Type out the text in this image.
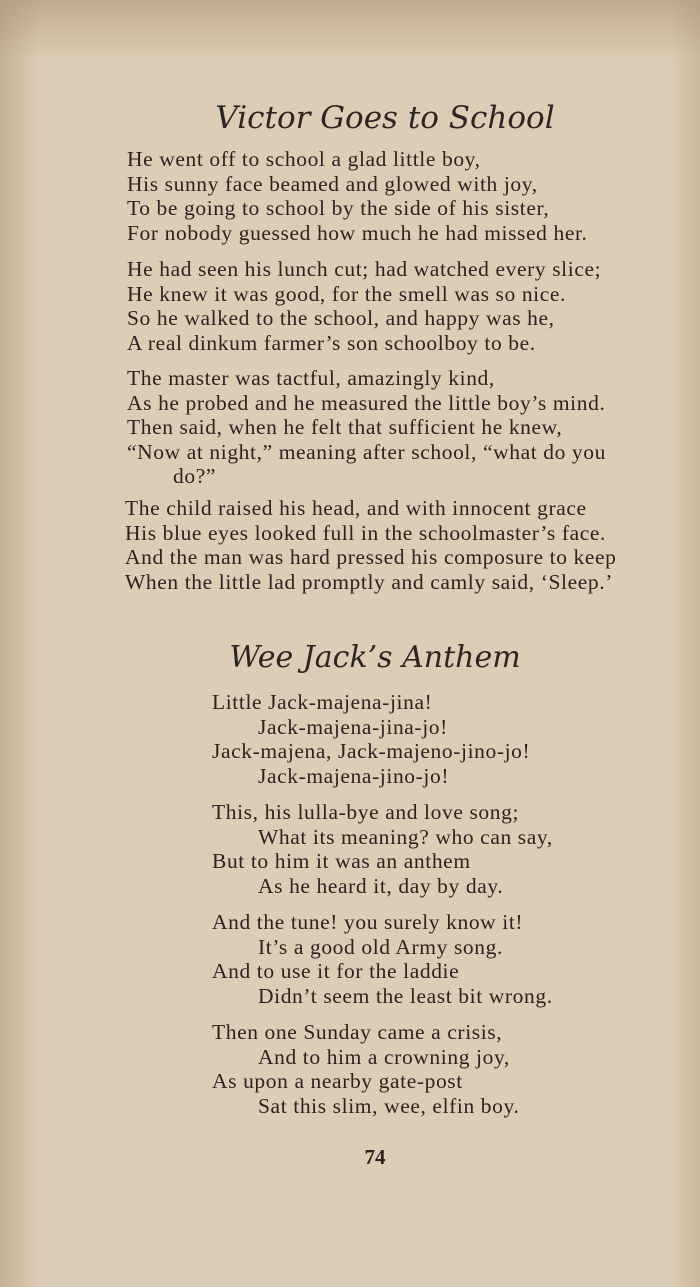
Victor Goes to School
He went off to school a glad little boy,
His sunny face beamed and glowed with joy,
To be going to school by the side of his sister,
For nobody guessed how much he had missed her.
He had seen his lunch cut; had watched every slice;
He knew it was good, for the smell was so nice.
So he walked to the school, and happy was he,
A real dinkum farmer’s son schoolboy to be.
The master was tactful, amazingly kind,
As he probed and he measured the little boy’s mind.
Then said, when he felt that sufficient he knew,
“Now at night,” meaning after school, “what do you
do?”
The child raised his head, and with innocent grace
His blue eyes looked full in the schoolmaster’s face.
And the man was hard pressed his composure to keep
When the little lad promptly and camly said, ‘Sleep.’
Wee Jack’s Anthem
Little Jack-majena-jina!
Jack-majena-jina-jo!
Jack-majena, Jack-majeno-jino-jo!
Jack-majena-jino-jo!
This, his lulla-bye and love song;
What its meaning? who can say,
But to him it was an anthem
As he heard it, day by day.
And the tune! you surely know it!
It’s a good old Army song.
And to use it for the laddie
Didn’t seem the least bit wrong.
Then one Sunday came a crisis,
And to him a crowning joy,
As upon a nearby gate-post
Sat this slim, wee, elfin boy.
74
